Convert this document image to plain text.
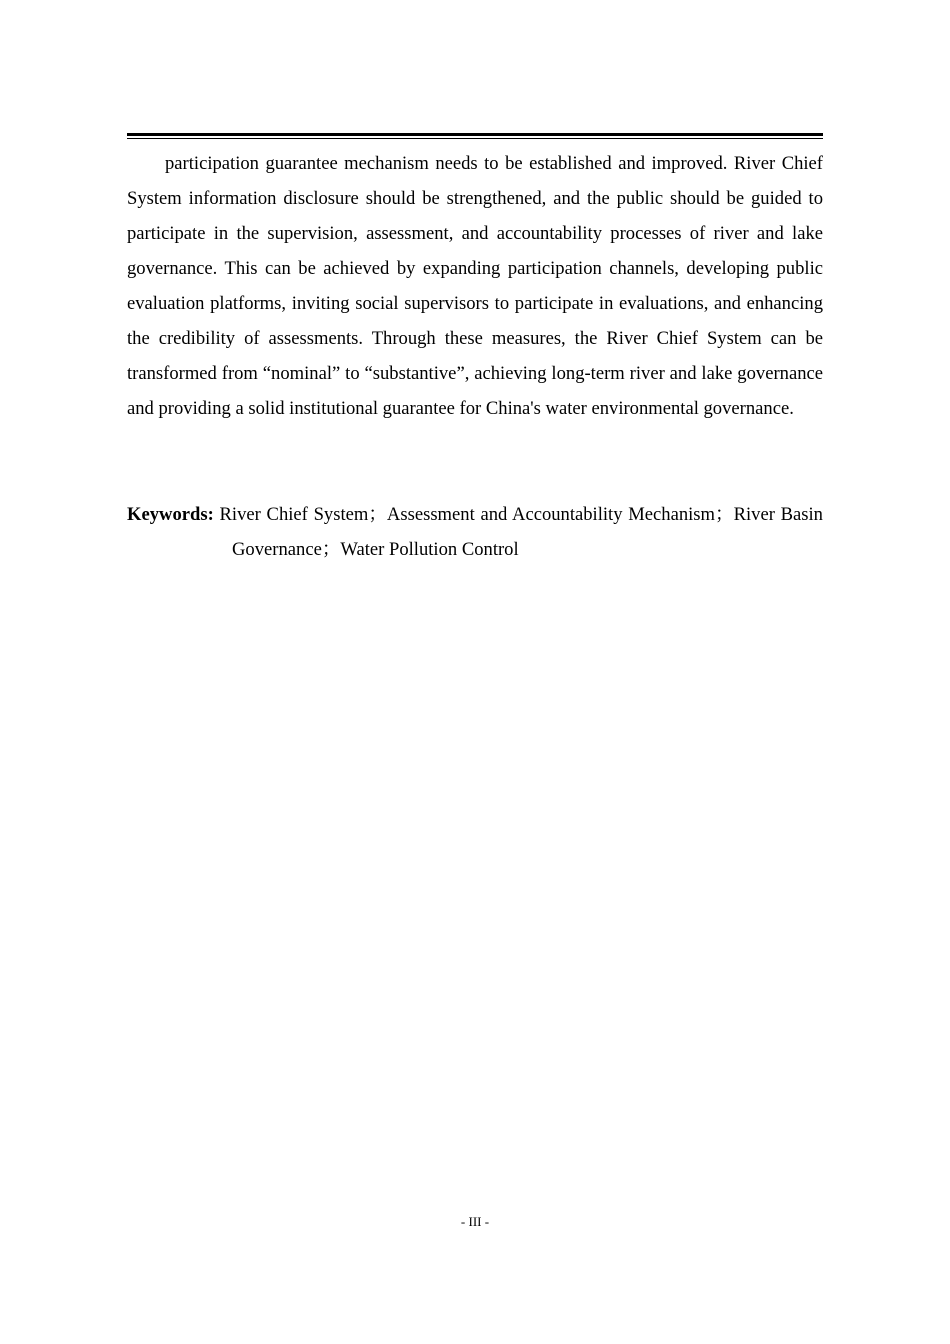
participation guarantee mechanism needs to be established and improved. River Chief System information disclosure should be strengthened, and the public should be guided to participate in the supervision, assessment, and accountability processes of river and lake governance. This can be achieved by expanding participation channels, developing public evaluation platforms, inviting social supervisors to participate in evaluations, and enhancing the credibility of assessments. Through these measures, the River Chief System can be transformed from “nominal” to “substantive”, achieving long-term river and lake governance and providing a solid institutional guarantee for China's water environmental governance.

Keywords: River Chief System；Assessment and Accountability Mechanism；River Basin Governance；Water Pollution Control

- III -
